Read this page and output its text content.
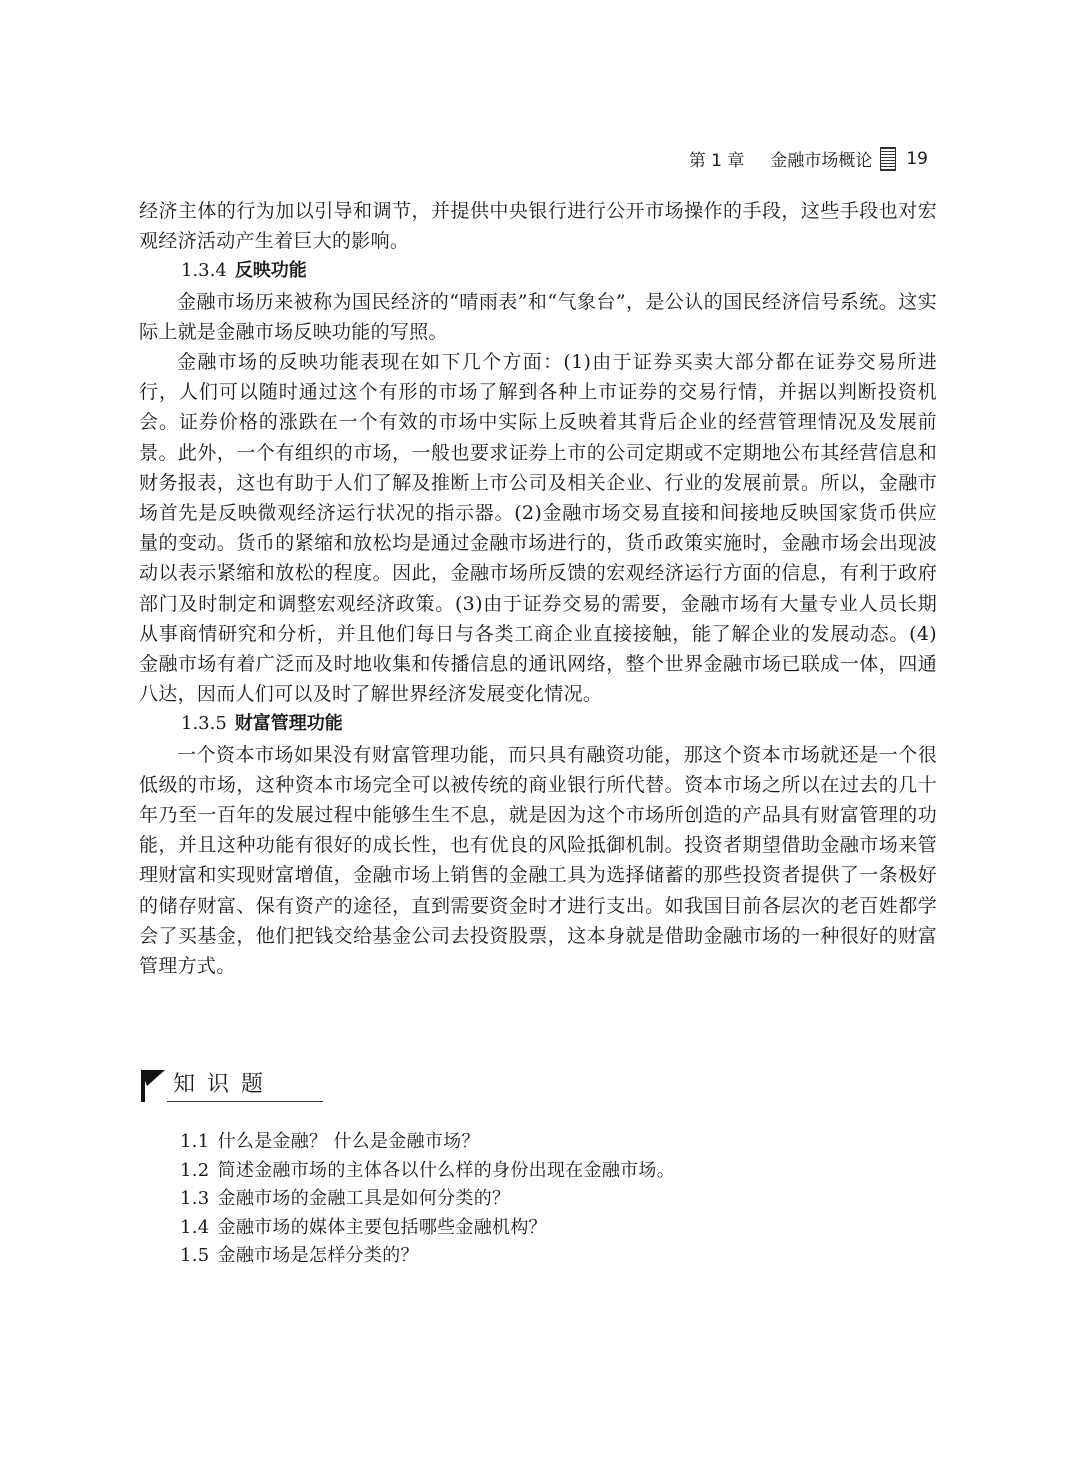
第 1 章 金融市场概论 19

经济主体的行为加以引导和调节，并提供中央银行进行公开市场操作的手段，这些手段也对宏观经济活动产生着巨大的影响。

1.3.4 反映功能

金融市场历来被称为国民经济的“晴雨表”和“气象台”，是公认的国民经济信号系统。这实际上就是金融市场反映功能的写照。

金融市场的反映功能表现在如下几个方面：(1)由于证券买卖大部分都在证券交易所进行，人们可以随时通过这个有形的市场了解到各种上市证券的交易行情，并据以判断投资机会。证券价格的涨跌在一个有效的市场中实际上反映着其背后企业的经营管理情况及发展前景。此外，一个有组织的市场，一般也要求证券上市的公司定期或不定期地公布其经营信息和财务报表，这也有助于人们了解及推断上市公司及相关企业、行业的发展前景。所以，金融市场首先是反映微观经济运行状况的指示器。(2)金融市场交易直接和间接地反映国家货币供应量的变动。货币的紧缩和放松均是通过金融市场进行的，货币政策实施时，金融市场会出现波动以表示紧缩和放松的程度。因此，金融市场所反馈的宏观经济运行方面的信息，有利于政府部门及时制定和调整宏观经济政策。(3)由于证券交易的需要，金融市场有大量专业人员长期从事商情研究和分析，并且他们每日与各类工商企业直接接触，能了解企业的发展动态。(4)金融市场有着广泛而及时地收集和传播信息的通讯网络，整个世界金融市场已联成一体，四通八达，因而人们可以及时了解世界经济发展变化情况。

1.3.5 财富管理功能

一个资本市场如果没有财富管理功能，而只具有融资功能，那这个资本市场就还是一个很低级的市场，这种资本市场完全可以被传统的商业银行所代替。资本市场之所以在过去的几十年乃至一百年的发展过程中能够生生不息，就是因为这个市场所创造的产品具有财富管理的功能，并且这种功能有很好的成长性，也有优良的风险抵御机制。投资者期望借助金融市场来管理财富和实现财富增值，金融市场上销售的金融工具为选择储蓄的那些投资者提供了一条极好的储存财富、保有资产的途径，直到需要资金时才进行支出。如我国目前各层次的老百姓都学会了买基金，他们把钱交给基金公司去投资股票，这本身就是借助金融市场的一种很好的财富管理方式。

知识题
1.1 什么是金融？ 什么是金融市场？
1.2 简述金融市场的主体各以什么样的身份出现在金融市场。
1.3 金融市场的金融工具是如何分类的？
1.4 金融市场的媒体主要包括哪些金融机构？
1.5 金融市场是怎样分类的？
